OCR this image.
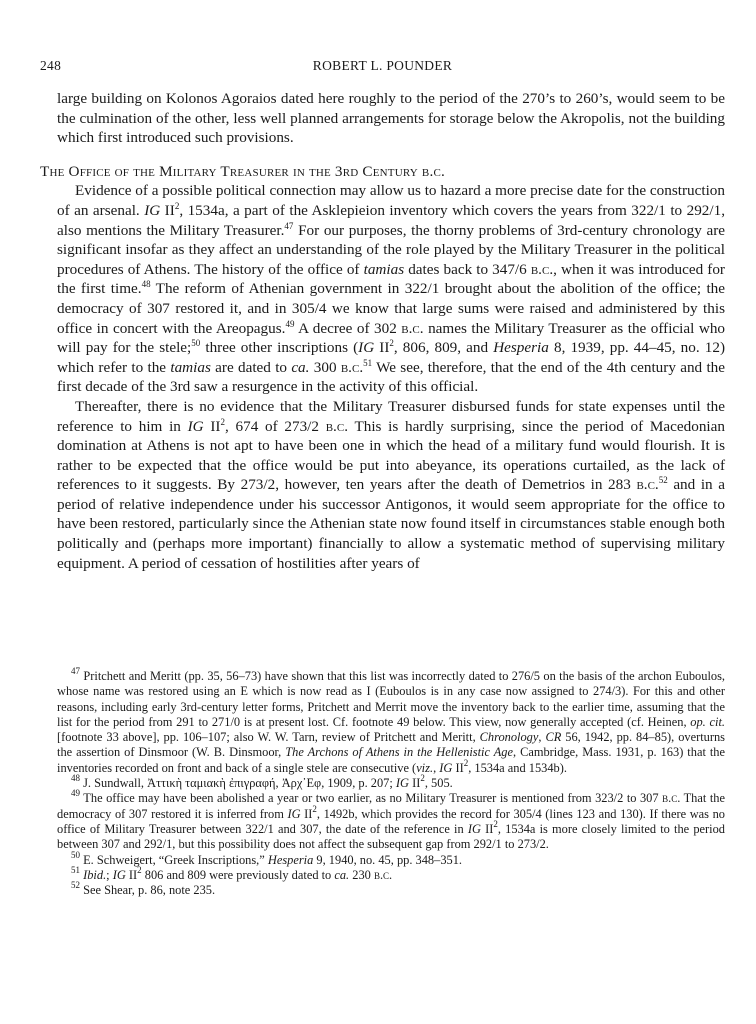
248	ROBERT L. POUNDER

large building on Kolonos Agoraios dated here roughly to the period of the 270’s to 260’s, would seem to be the culmination of the other, less well planned arrangements for storage below the Akropolis, not the building which first introduced such provisions.

The Office of the Military Treasurer in the 3rd Century b.c.

Evidence of a possible political connection may allow us to hazard a more precise date for the construction of an arsenal. IG $II^2$, 1534a, a part of the Asklepieion inventory which covers the years from 322/1 to 292/1, also mentions the Military Treasurer.$^{47}$ For our purposes, the thorny problems of 3rd-century chronology are significant insofar as they affect an understanding of the role played by the Military Treasurer in the political procedures of Athens. The history of the office of tamias dates back to 347/6 b.c., when it was introduced for the first time.$^{48}$ The reform of Athenian government in 322/1 brought about the abolition of the office; the democracy of 307 restored it, and in 305/4 we know that large sums were raised and administered by this office in concert with the Areopagus.$^{49}$ A decree of 302 b.c. names the Military Treasurer as the official who will pay for the stele;$^{50}$ three other inscriptions (IG $II^2$, 806, 809, and Hesperia 8, 1939, pp. 44–45, no. 12) which refer to the tamias are dated to ca. 300 b.c.$^{51}$ We see, therefore, that the end of the 4th century and the first decade of the 3rd saw a resurgence in the activity of this official.

Thereafter, there is no evidence that the Military Treasurer disbursed funds for state expenses until the reference to him in IG $II^2$, 674 of 273/2 b.c. This is hardly surprising, since the period of Macedonian domination at Athens is not apt to have been one in which the head of a military fund would flourish. It is rather to be expected that the office would be put into abeyance, its operations curtailed, as the lack of references to it suggests. By 273/2, however, ten years after the death of Demetrios in 283 b.c.$^{52}$ and in a period of relative independence under his successor Antigonos, it would seem appropriate for the office to have been restored, particularly since the Athenian state now found itself in circumstances stable enough both politically and (perhaps more important) financially to allow a systematic method of supervising military equipment. A period of cessation of hostilities after years of

$^{47}$ Pritchett and Meritt (pp. 35, 56–73) have shown that this list was incorrectly dated to 276/5 on the basis of the archon Euboulos, whose name was restored using an E which is now read as I (Euboulos is in any case now assigned to 274/3). For this and other reasons, including early 3rd-century letter forms, Pritchett and Merrit move the inventory back to the earlier time, assuming that the list for the period from 291 to 271/0 is at present lost. Cf. footnote 49 below. This view, now generally accepted (cf. Heinen, op. cit. [footnote 33 above], pp. 106–107; also W. W. Tarn, review of Pritchett and Meritt, Chronology, CR 56, 1942, pp. 84–85), overturns the assertion of Dinsmoor (W. B. Dinsmoor, The Archons of Athens in the Hellenistic Age, Cambridge, Mass. 1931, p. 163) that the inventories recorded on front and back of a single stele are consecutive (viz., IG $II^2$, 1534a and 1534b).

$^{48}$ J. Sundwall, Ἀττικὴ ταμιακὴ ἐπιγραφή, Ἀρχ᾿Εφ, 1909, p. 207; IG $II^2$, 505.

$^{49}$ The office may have been abolished a year or two earlier, as no Military Treasurer is mentioned from 323/2 to 307 b.c. That the democracy of 307 restored it is inferred from IG $II^2$, 1492b, which provides the record for 305/4 (lines 123 and 130). If there was no office of Military Treasurer between 322/1 and 307, the date of the reference in IG $II^2$, 1534a is more closely limited to the period between 307 and 292/1, but this possibility does not affect the subsequent gap from 292/1 to 273/2.

$^{50}$ E. Schweigert, “Greek Inscriptions,” Hesperia 9, 1940, no. 45, pp. 348–351.

$^{51}$ Ibid.; IG $II^2$ 806 and 809 were previously dated to ca. 230 b.c.

$^{52}$ See Shear, p. 86, note 235.
